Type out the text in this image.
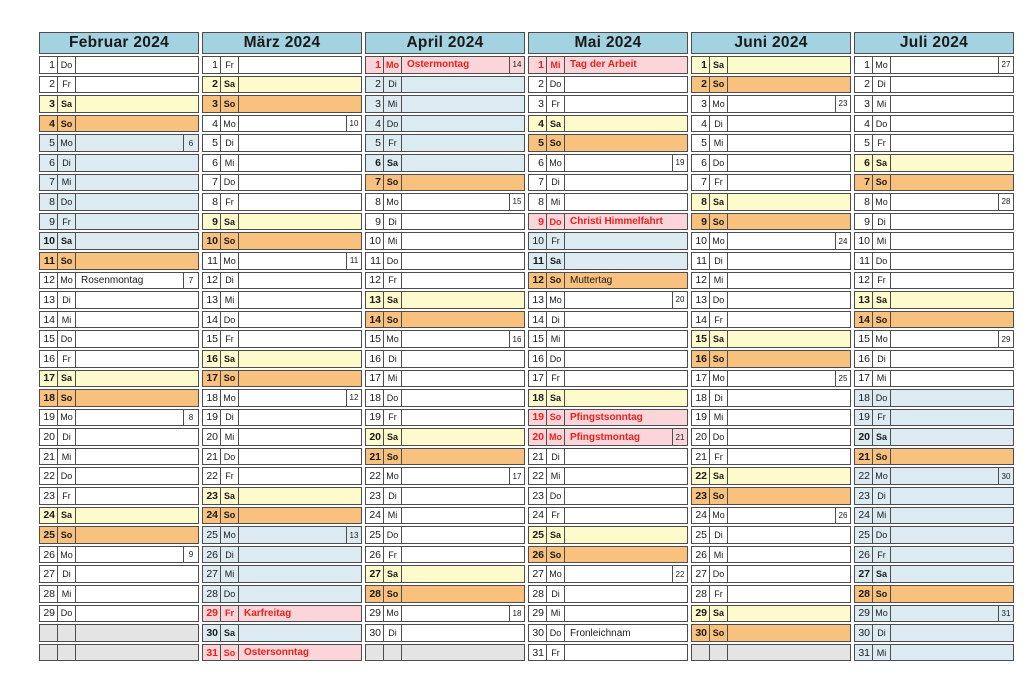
Februar 2024
1 Do
2 Fr
3 Sa
4 So
5 Mo	6
6 Di
7 Mi
8 Do
9 Fr
10 Sa
11 So
12 Mo Rosenmontag	7
13 Di
14 Mi
15 Do
16 Fr
17 Sa
18 So
19 Mo	8
20 Di
21 Mi
22 Do
23 Fr
24 Sa
25 So
26 Mo	9
27 Di
28 Mi
29 Do
März 2024
1 Fr
2 Sa
3 So
4 Mo	10
5 Di
6 Mi
7 Do
8 Fr
9 Sa
10 So
11 Mo	11
12 Di
13 Mi
14 Do
15 Fr
16 Sa
17 So
18 Mo	12
19 Di
20 Mi
21 Do
22 Fr
23 Sa
24 So
25 Mo	13
26 Di
27 Mi
28 Do
29 Fr	Karfreitag
30 Sa
31 So Ostersonntag
April 2024
1 Mo Ostermontag	14
2 Di
3 Mi
4 Do
5 Fr
6 Sa
7 So
8 Mo	15
9 Di
10 Mi
11 Do
12 Fr
13 Sa
14 So
15 Mo	16
16 Di
17 Mi
18 Do
19 Fr
20 Sa
21 So
22 Mo	17
23 Di
24 Mi
25 Do
26 Fr
27 Sa
28 So
29 Mo	18
30 Di
Mai 2024
1 Mi Tag der Arbeit
2 Do
3 Fr
4 Sa
5 So
6 Mo	19
7 Di
8 Mi
9 Do Christi Himmelfahrt
10 Fr
11 Sa
12 So Muttertag
13 Mo	20
14 Di
15 Mi
16 Do
17 Fr
18 Sa
19 So Pfingstsonntag
20 Mo Pfingstmontag	21
21 Di
22 Mi
23 Do
24 Fr
25 Sa
26 So
27 Mo	22
28 Di
29 Mi
30 Do Fronleichnam
31 Fr
Juni 2024
1 Sa
2 So
3 Mo	23
4 Di
5 Mi
6 Do
7 Fr
8 Sa
9 So
10 Mo	24
11 Di
12 Mi
13 Do
14 Fr
15 Sa
16 So
17 Mo	25
18 Di
19 Mi
20 Do
21 Fr
22 Sa
23 So
24 Mo	26
25 Di
26 Mi
27 Do
28 Fr
29 Sa
30 So
Juli 2024
1 Mo	27
2 Di
3 Mi
4 Do
5 Fr
6 Sa
7 So
8 Mo	28
9 Di
10 Mi
11 Do
12 Fr
13 Sa
14 So
15 Mo	29
16 Di
17 Mi
18 Do
19 Fr
20 Sa
21 So
22 Mo	30
23 Di
24 Mi
25 Do
26 Fr
27 Sa
28 So
29 Mo	31
30 Di
31 Mi
